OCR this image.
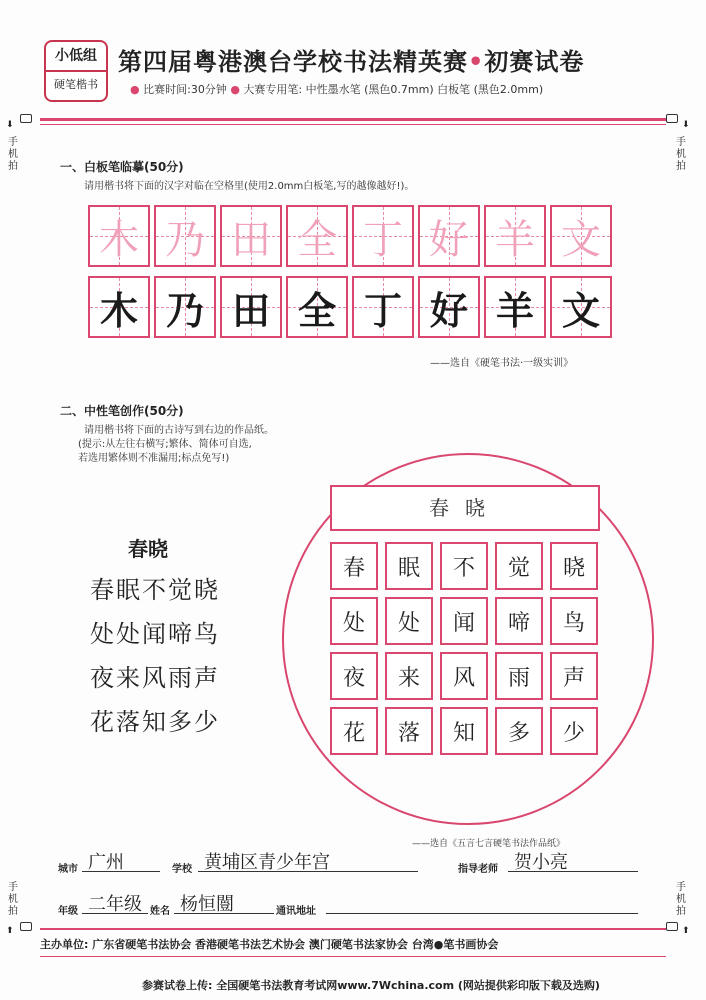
小低组
硬笔楷书
第四届粤港澳台学校书法精英赛•初赛试卷
● 比赛时间:30分钟 ● 大赛专用笔: 中性墨水笔 (黑色0.7mm) 白板笔 (黑色2.0mm)
⬇
手机拍
⬇
手机拍
手机拍
⬆
手机拍
⬆
一、白板笔临摹(50分)
请用楷书将下面的汉字对临在空格里(使用2.0mm白板笔,写的越像越好!)。
木 乃 田 全 丁 好 羊 文
木 乃 田 全 丁 好 羊 文
——选自《硬笔书法·一级实训》
二、中性笔创作(50分)
请用楷书将下面的古诗写到右边的作品纸。
(提示:从左往右横写;繁体、简体可自选,
若选用繁体则不准漏用;标点免写!)
春晓
春眠不觉晓
处处闻啼鸟
夜来风雨声
花落知多少
春晓
春	眠	不	觉	晓
处	处	闻	啼	鸟
夜	来	风	雨	声
花	落	知	多	少
——选自《五言七言硬笔书法作品纸》
城市 广州	学校 黄埔区青少年宫	指导老师 贺小亮
年级 二年级 姓名 杨恒闓	通讯地址
主办单位: 广东省硬笔书法协会 香港硬笔书法艺术协会 澳门硬笔书法家协会 台湾●笔书画协会
参赛试卷上传: 全国硬笔书法教育考试网www.7Wchina.com (网站提供彩印版下载及选购)
